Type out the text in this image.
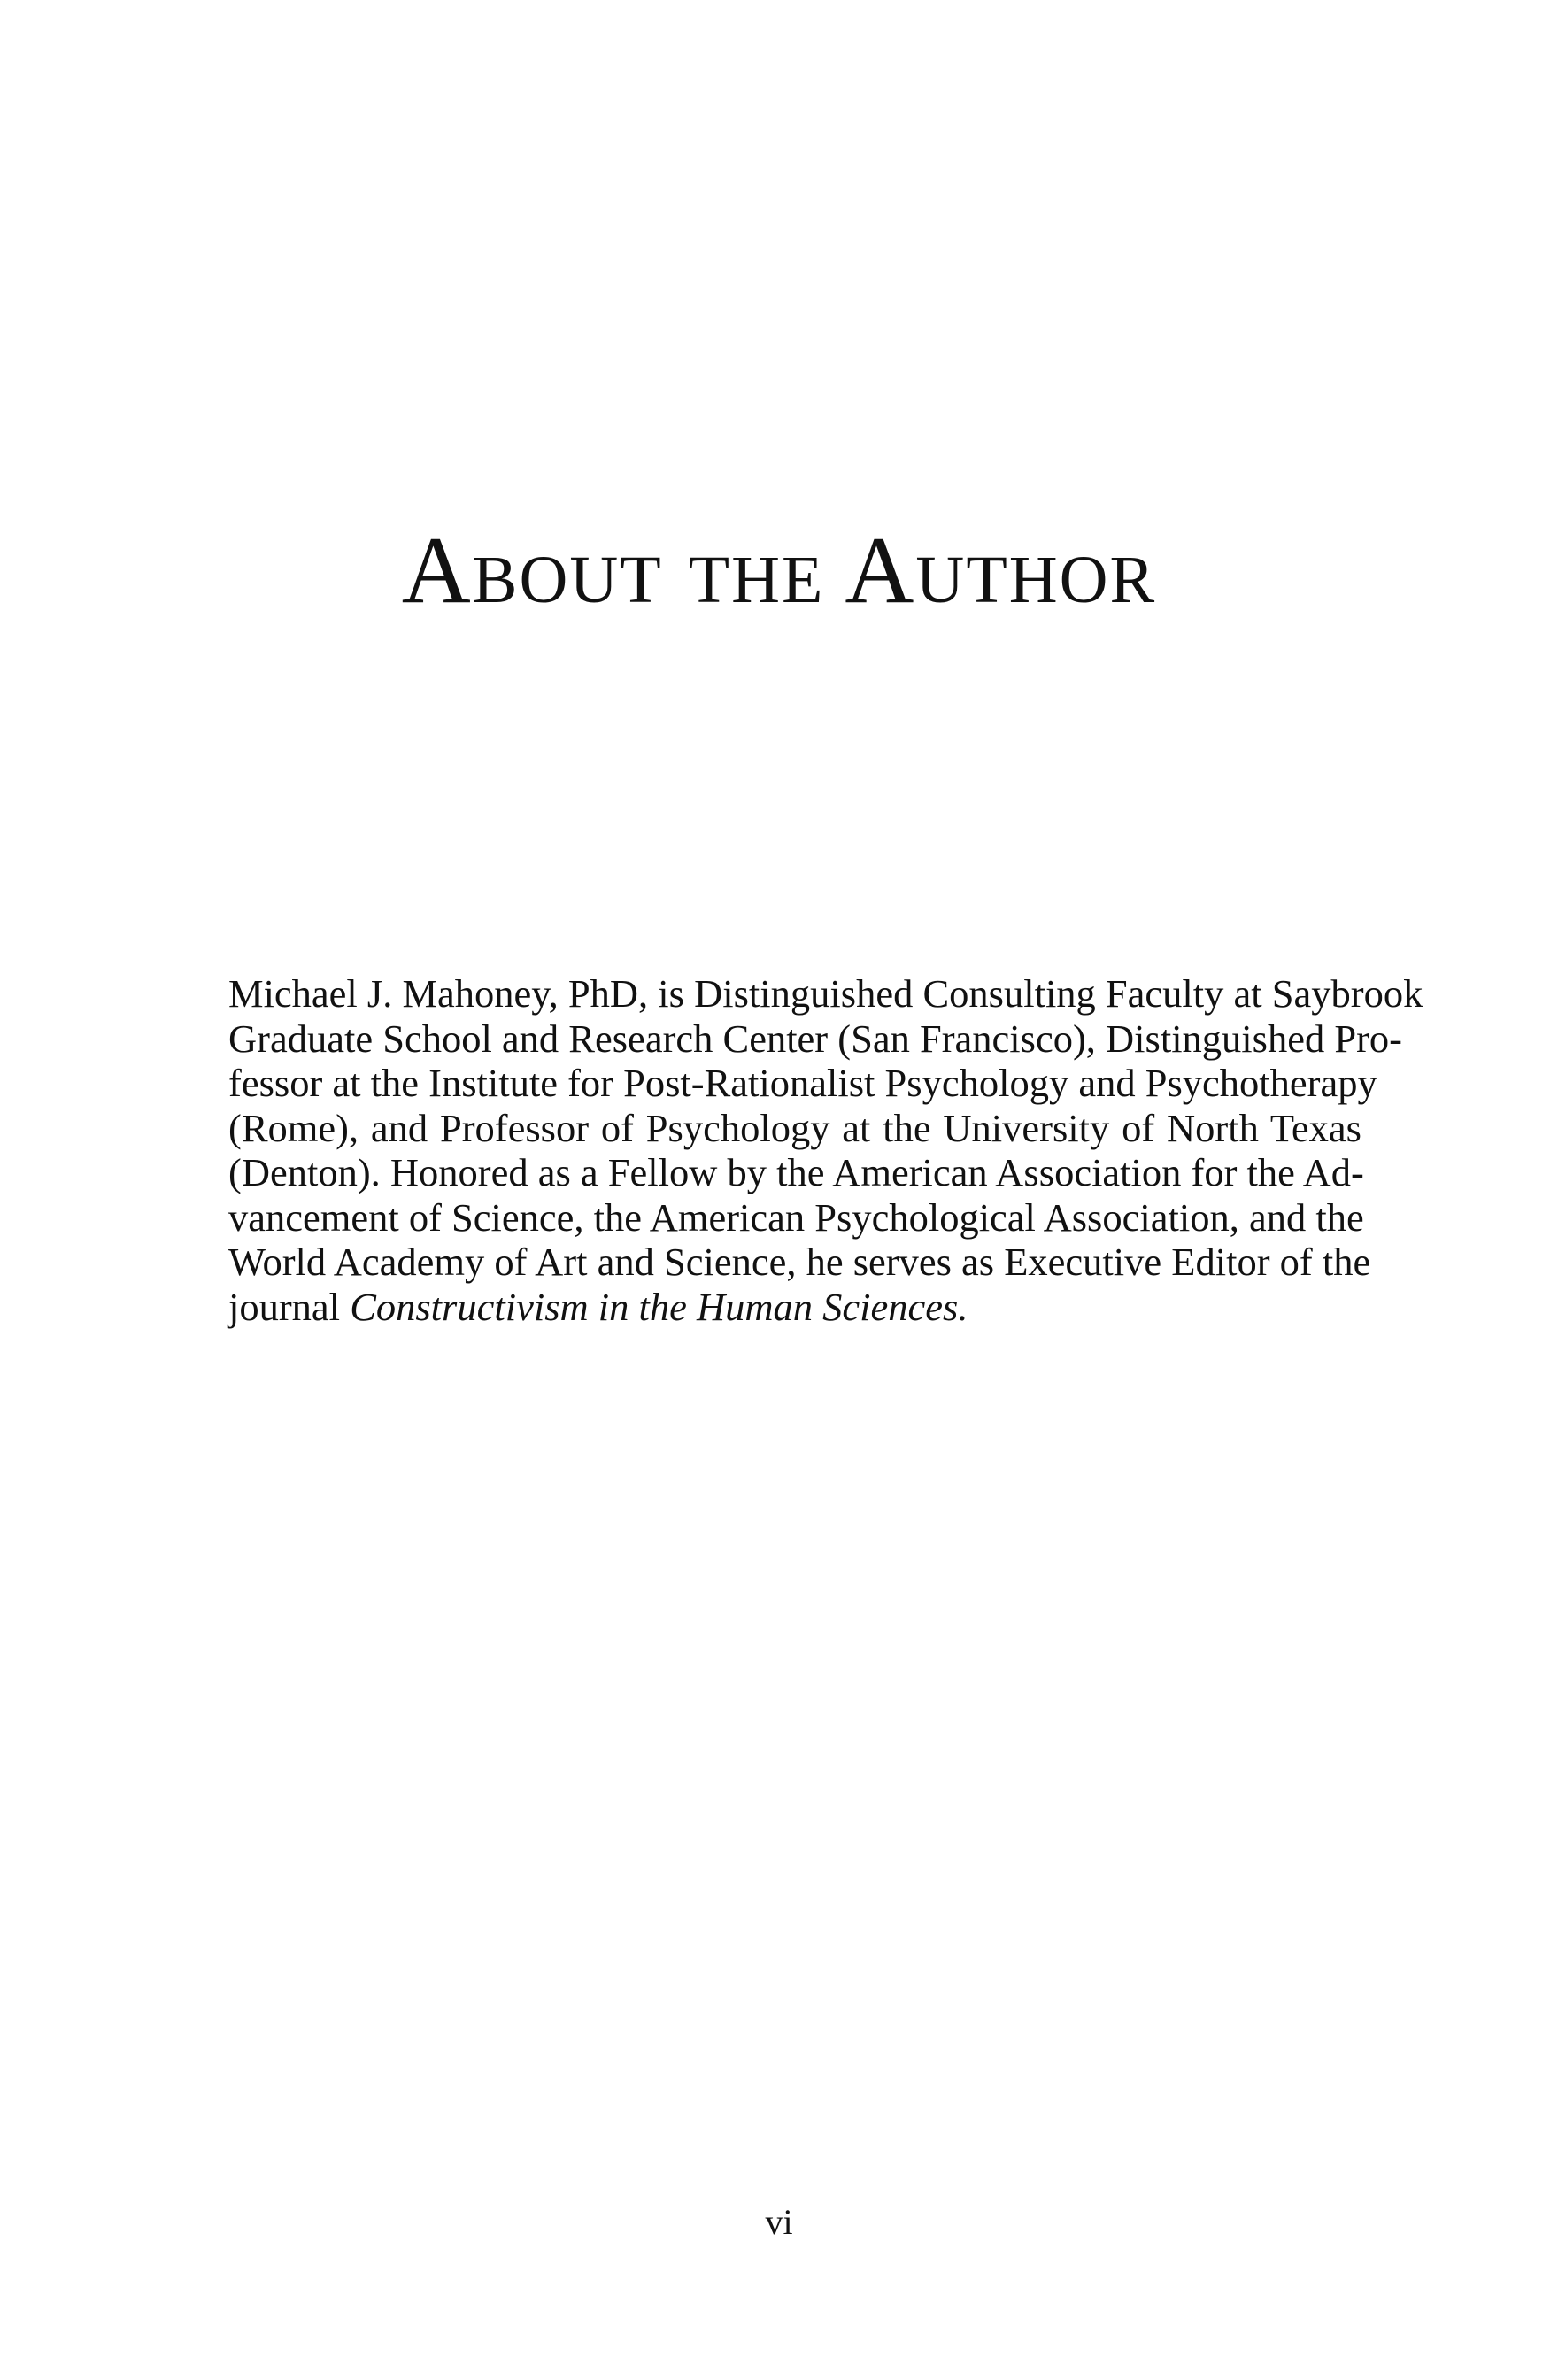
About the Author
Michael J. Mahoney, PhD, is Distinguished Consulting Faculty at Saybrook
Graduate School and Research Center (San Francisco), Distinguished Pro-
fessor at the Institute for Post-Rationalist Psychology and Psychotherapy
(Rome), and Professor of Psychology at the University of North Texas
(Denton). Honored as a Fellow by the American Association for the Ad-
vancement of Science, the American Psychological Association, and the
World Academy of Art and Science, he serves as Executive Editor of the
journal Constructivism in the Human Sciences.
vi
